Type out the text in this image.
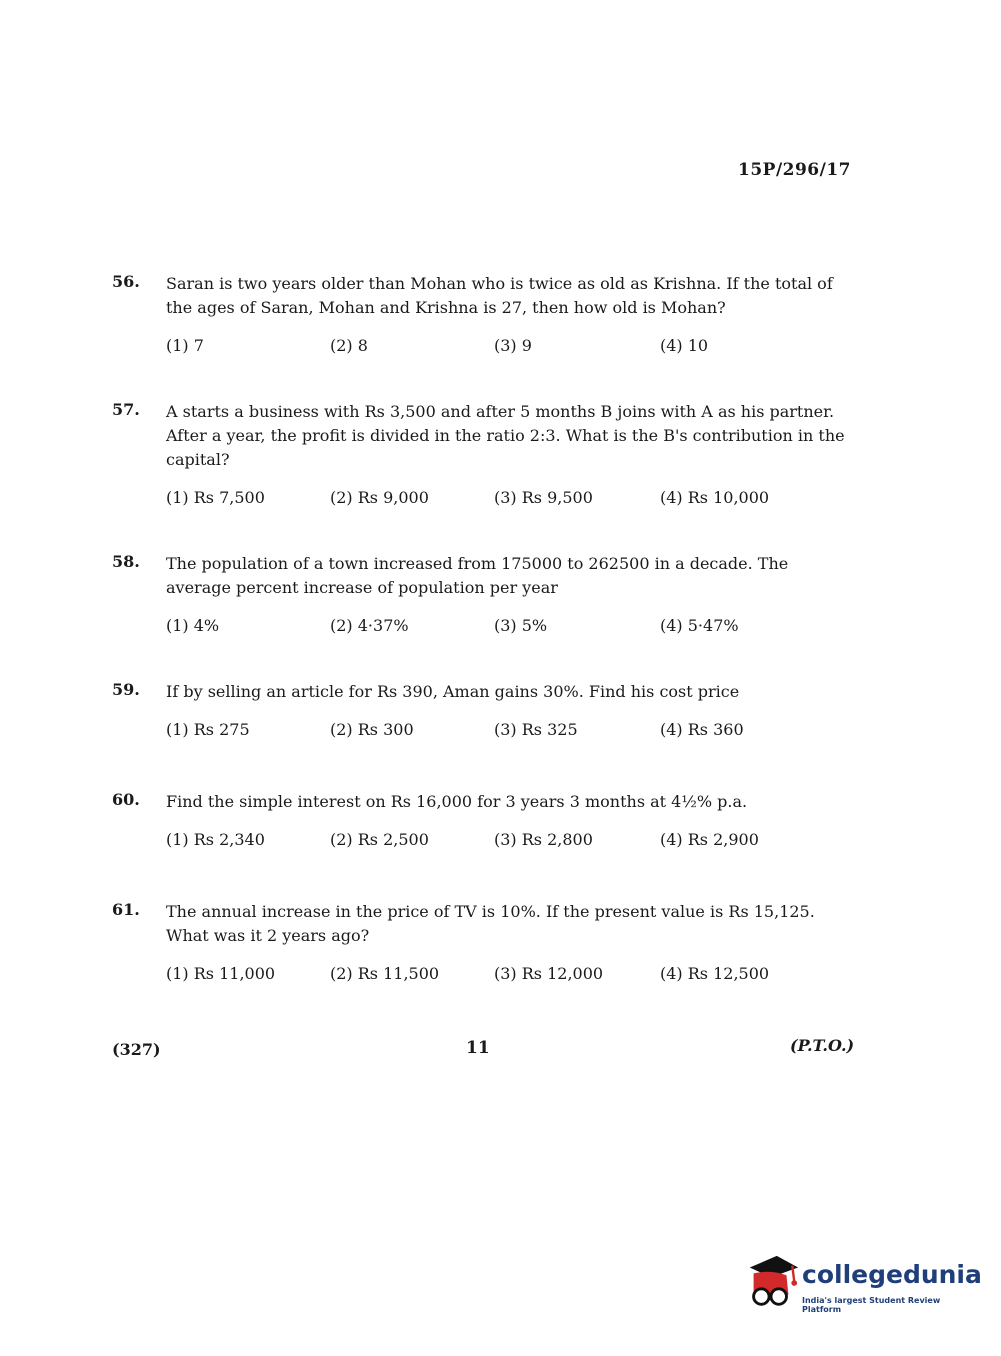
15P/296/17
56. Saran is two years older than Mohan who is twice as old as Krishna. If the total of the ages of Saran, Mohan and Krishna is 27, then how old is Mohan?
(1) 7	(2) 8	(3) 9	(4) 10
57. A starts a business with Rs 3,500 and after 5 months B joins with A as his partner. After a year, the profit is divided in the ratio 2:3. What is the B's contribution in the capital?
(1) Rs 7,500	(2) Rs 9,000	(3) Rs 9,500	(4) Rs 10,000
58. The population of a town increased from 175000 to 262500 in a decade. The average percent increase of population per year
(1) 4%	(2) 4·37%	(3) 5%	(4) 5·47%
59. If by selling an article for Rs 390, Aman gains 30%. Find his cost price
(1) Rs 275	(2) Rs 300	(3) Rs 325	(4) Rs 360
60. Find the simple interest on Rs 16,000 for 3 years 3 months at 4½% p.a.
(1) Rs 2,340	(2) Rs 2,500	(3) Rs 2,800	(4) Rs 2,900
61. The annual increase in the price of TV is 10%. If the present value is Rs 15,125. What was it 2 years ago?
(1) Rs 11,000	(2) Rs 11,500	(3) Rs 12,000	(4) Rs 12,500
(327)	11	(P.T.O.)
collegedunia
India's largest Student Review Platform
